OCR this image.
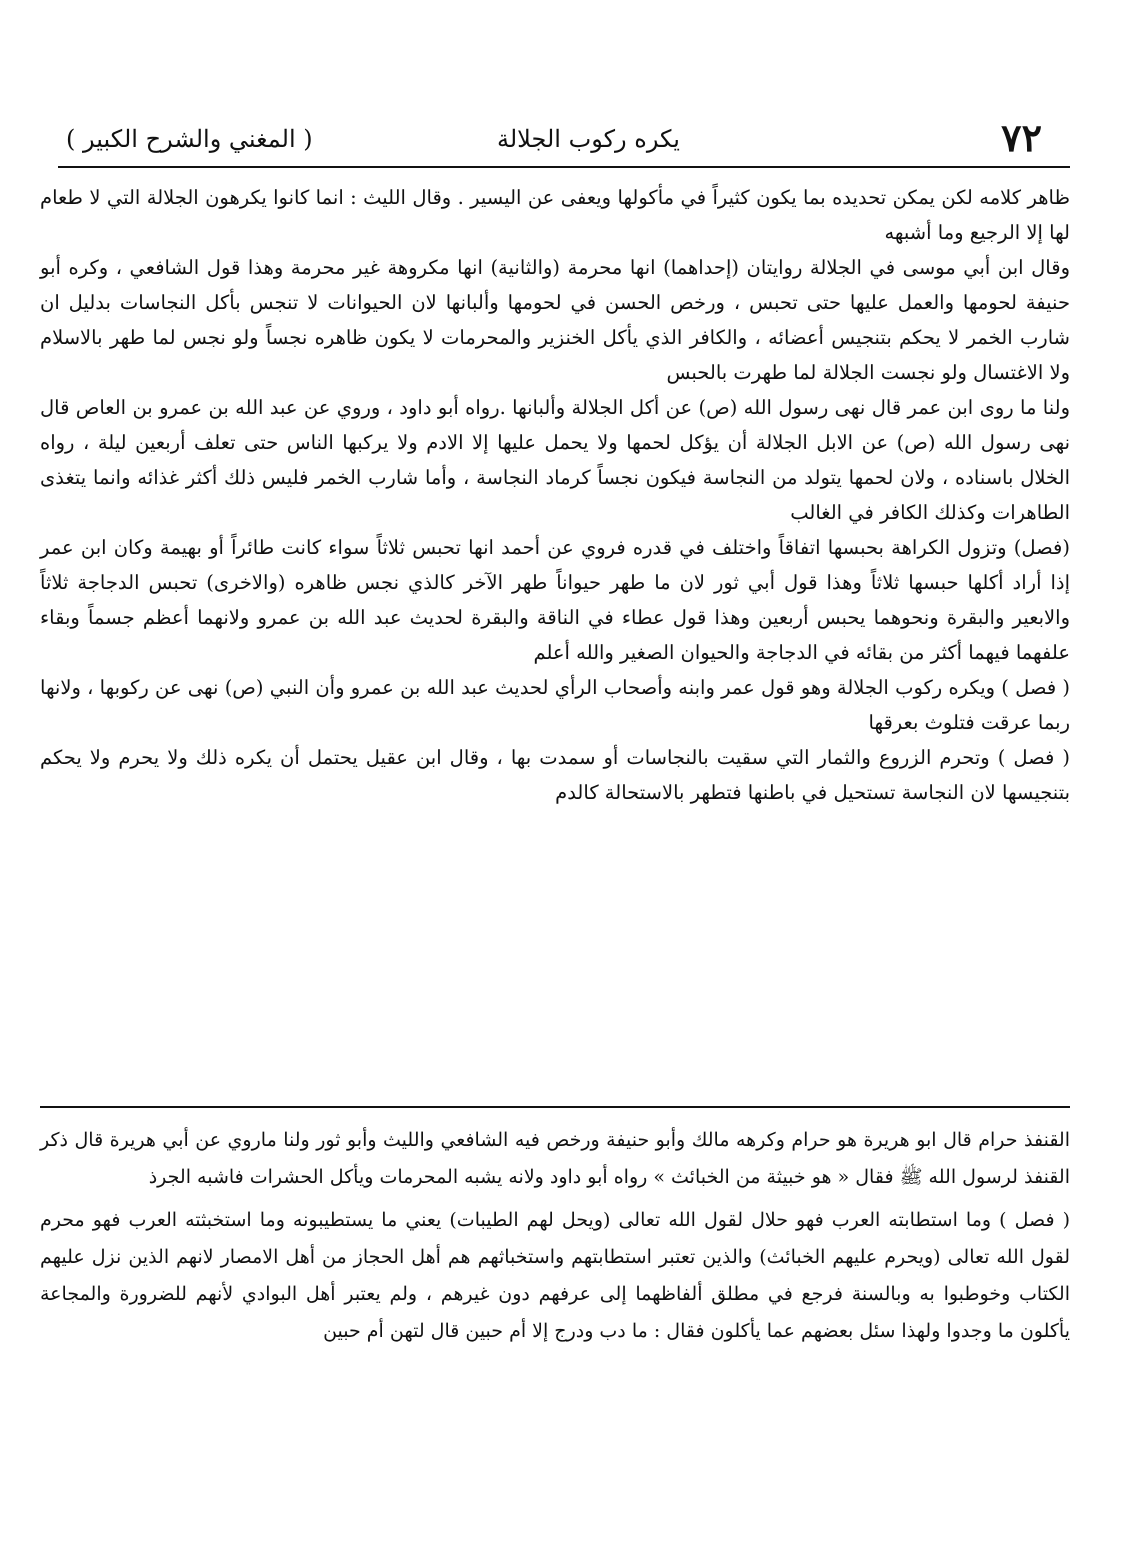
٧٢
يكره ركوب الجلالة
( المغني والشرح الكبير )

ظاهر كلامه لكن يمكن تحديده بما يكون كثيراً في مأكولها ويعفى عن اليسير . وقال الليث : انما كانوا يكرهون الجلالة التي لا طعام لها إلا الرجيع وما أشبهه

وقال ابن أبي موسى في الجلالة روايتان (إحداهما) انها محرمة (والثانية) انها مكروهة غير محرمة وهذا قول الشافعي ، وكره أبو حنيفة لحومها والعمل عليها حتى تحبس ، ورخص الحسن في لحومها وألبانها لان الحيوانات لا تنجس بأكل النجاسات بدليل ان شارب الخمر لا يحكم بتنجيس أعضائه ، والكافر الذي يأكل الخنزير والمحرمات لا يكون ظاهره نجساً ولو نجس لما طهر بالاسلام ولا الاغتسال ولو نجست الجلالة لما طهرت بالحبس

ولنا ما روى ابن عمر قال نهى رسول الله (ص) عن أكل الجلالة وألبانها .رواه أبو داود ، وروي عن عبد الله بن عمرو بن العاص قال نهى رسول الله (ص) عن الابل الجلالة أن يؤكل لحمها ولا يحمل عليها إلا الادم ولا يركبها الناس حتى تعلف أربعين ليلة ، رواه الخلال باسناده ، ولان لحمها يتولد من النجاسة فيكون نجساً كرماد النجاسة ، وأما شارب الخمر فليس ذلك أكثر غذائه وانما يتغذى الطاهرات وكذلك الكافر في الغالب

(فصل) وتزول الكراهة بحبسها اتفاقاً واختلف في قدره فروي عن أحمد انها تحبس ثلاثاً سواء كانت طائراً أو بهيمة وكان ابن عمر إذا أراد أكلها حبسها ثلاثاً وهذا قول أبي ثور لان ما طهر حيواناً طهر الآخر كالذي نجس ظاهره (والاخرى) تحبس الدجاجة ثلاثاً والابعير والبقرة ونحوهما يحبس أربعين وهذا قول عطاء في الناقة والبقرة لحديث عبد الله بن عمرو ولانهما أعظم جسماً وبقاء علفهما فيهما أكثر من بقائه في الدجاجة والحيوان الصغير والله أعلم

( فصل ) ويكره ركوب الجلالة وهو قول عمر وابنه وأصحاب الرأي لحديث عبد الله بن عمرو وأن النبي (ص) نهى عن ركوبها ، ولانها ربما عرقت فتلوث بعرقها

( فصل ) وتحرم الزروع والثمار التي سقيت بالنجاسات أو سمدت بها ، وقال ابن عقيل يحتمل أن يكره ذلك ولا يحرم ولا يحكم بتنجيسها لان النجاسة تستحيل في باطنها فتطهر بالاستحالة كالدم

القنفذ حرام قال ابو هريرة هو حرام وكرهه مالك وأبو حنيفة ورخص فيه الشافعي والليث وأبو ثور ولنا ماروي عن أبي هريرة قال ذكر القنفذ لرسول الله ﷺ فقال « هو خبيثة من الخبائث » رواه أبو داود ولانه يشبه المحرمات ويأكل الحشرات فاشبه الجرذ

( فصل ) وما استطابته العرب فهو حلال لقول الله تعالى (ويحل لهم الطيبات) يعني ما يستطيبونه وما استخبثته العرب فهو محرم لقول الله تعالى (ويحرم عليهم الخبائث) والذين تعتبر استطابتهم واستخباثهم هم أهل الحجاز من أهل الامصار لانهم الذين نزل عليهم الكتاب وخوطبوا به وبالسنة فرجع في مطلق ألفاظهما إلى عرفهم دون غيرهم ، ولم يعتبر أهل البوادي لأنهم للضرورة والمجاعة يأكلون ما وجدوا ولهذا سئل بعضهم عما يأكلون فقال : ما دب ودرج إلا أم حبين قال لتهن أم حبين
